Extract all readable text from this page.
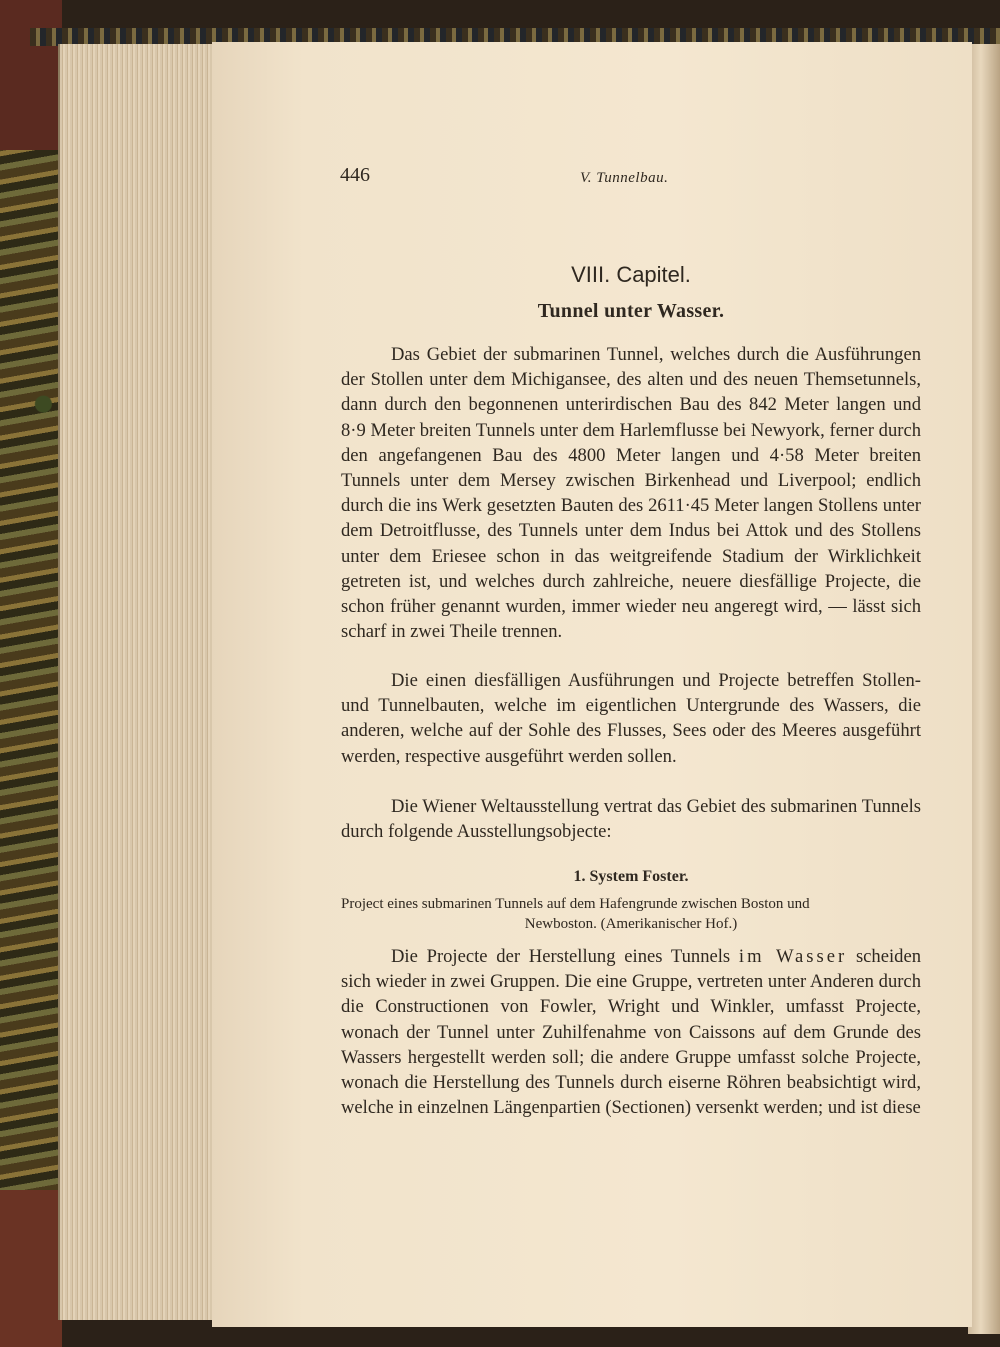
446	V. Tunnelbau.
VIII. Capitel.
Tunnel unter Wasser.

Das Gebiet der submarinen Tunnel, welches durch die Ausführungen der Stollen unter dem Michigansee, des alten und des neuen Themsetunnels, dann durch den begonnenen unterirdischen Bau des 842 Meter langen und 8·9 Meter breiten Tunnels unter dem Harlemflusse bei Newyork, ferner durch den angefangenen Bau des 4800 Meter langen und 4·58 Meter breiten Tunnels unter dem Mersey zwischen Birkenhead und Liverpool; endlich durch die ins Werk gesetzten Bauten des 2611·45 Meter langen Stollens unter dem Detroitflusse, des Tunnels unter dem Indus bei Attok und des Stollens unter dem Eriesee schon in das weitgreifende Stadium der Wirklichkeit getreten ist, und welches durch zahlreiche, neuere diesfällige Projecte, die schon früher genannt wurden, immer wieder neu angeregt wird, — lässt sich scharf in zwei Theile trennen.

Die einen diesfälligen Ausführungen und Projecte betreffen Stollen- und Tunnelbauten, welche im eigentlichen Untergrunde des Wassers, die anderen, welche auf der Sohle des Flusses, Sees oder des Meeres ausgeführt werden, respective ausgeführt werden sollen.

Die Wiener Weltausstellung vertrat das Gebiet des submarinen Tunnels durch folgende Ausstellungsobjecte:

1. System Foster.
Project eines submarinen Tunnels auf dem Hafengrunde zwischen Boston und
Newboston. (Amerikanischer Hof.)

Die Projecte der Herstellung eines Tunnels im Wasser scheiden sich wieder in zwei Gruppen. Die eine Gruppe, vertreten unter Anderen durch die Constructionen von Fowler, Wright und Winkler, umfasst Projecte, wonach der Tunnel unter Zuhilfenahme von Caissons auf dem Grunde des Wassers hergestellt werden soll; die andere Gruppe umfasst solche Projecte, wonach die Herstellung des Tunnels durch eiserne Röhren beabsichtigt wird, welche in einzelnen Längenpartien (Sectionen) versenkt werden; und ist diese
